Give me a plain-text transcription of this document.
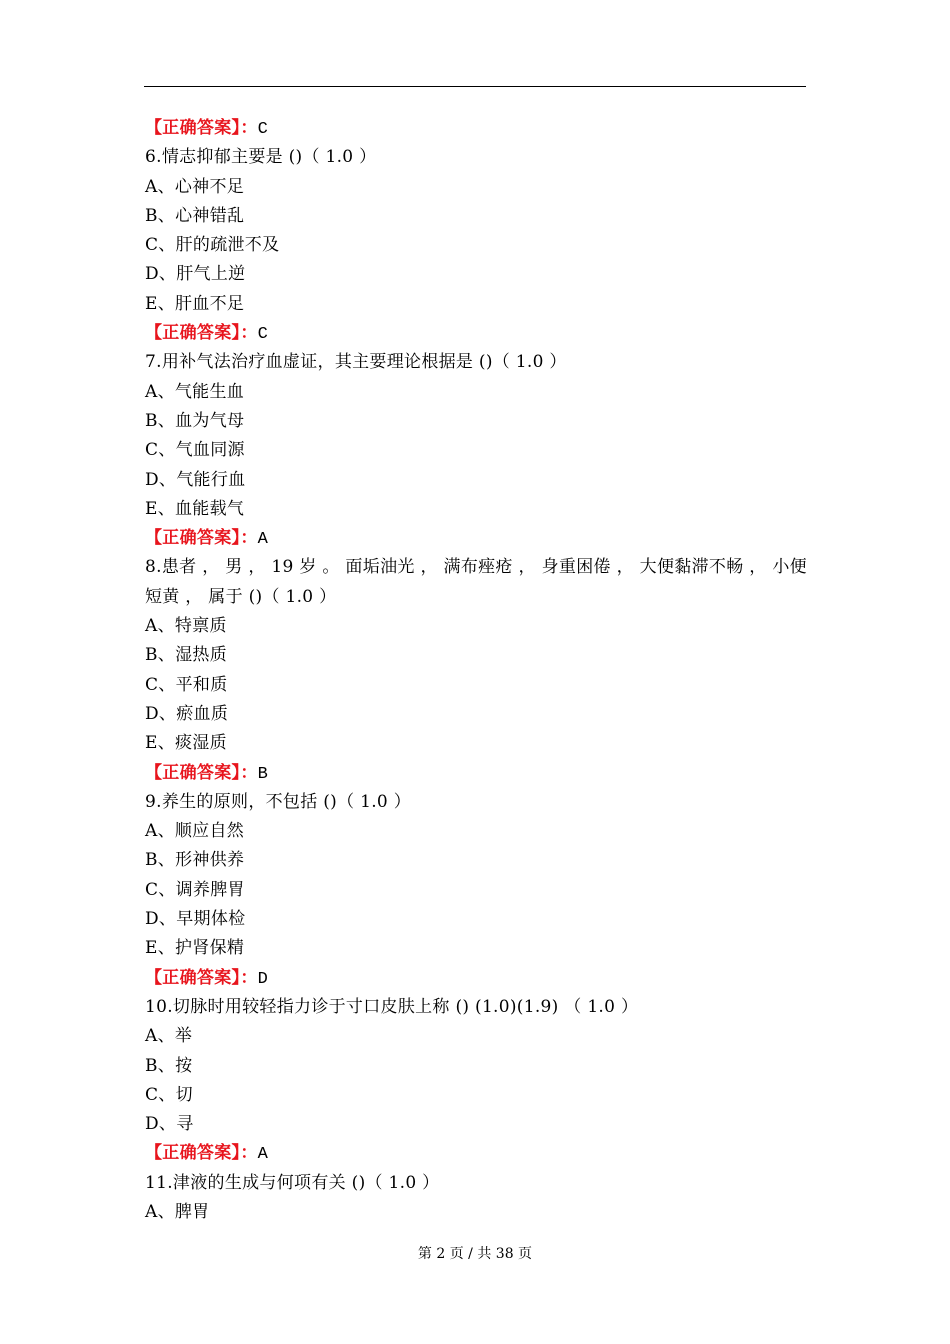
【正确答案】：C
6.情志抑郁主要是 ()（ 1.0 ）
A、心神不足
B、心神错乱
C、肝的疏泄不及
D、肝气上逆
E、肝血不足
【正确答案】：C
7.用补气法治疗血虚证，其主要理论根据是 ()（ 1.0 ）
A、气能生血
B、血为气母
C、气血同源
D、气能行血
E、血能载气
【正确答案】：A
8.患者 ， 男 ， 19 岁 。 面垢油光 ， 满布痤疮 ， 身重困倦 ， 大便黏滞不畅 ， 小便短黄 ， 属于 ()（ 1.0 ）
A、特禀质
B、湿热质
C、平和质
D、瘀血质
E、痰湿质
【正确答案】：B
9.养生的原则，不包括 ()（ 1.0 ）
A、顺应自然
B、形神供养
C、调养脾胃
D、早期体检
E、护肾保精
【正确答案】：D
10.切脉时用较轻指力诊于寸口皮肤上称 () (1.0)(1.9) （ 1.0 ）
A、举
B、按
C、切
D、寻
【正确答案】：A
11.津液的生成与何项有关 ()（ 1.0 ）
A、脾胃
第 2 页 / 共 38 页
